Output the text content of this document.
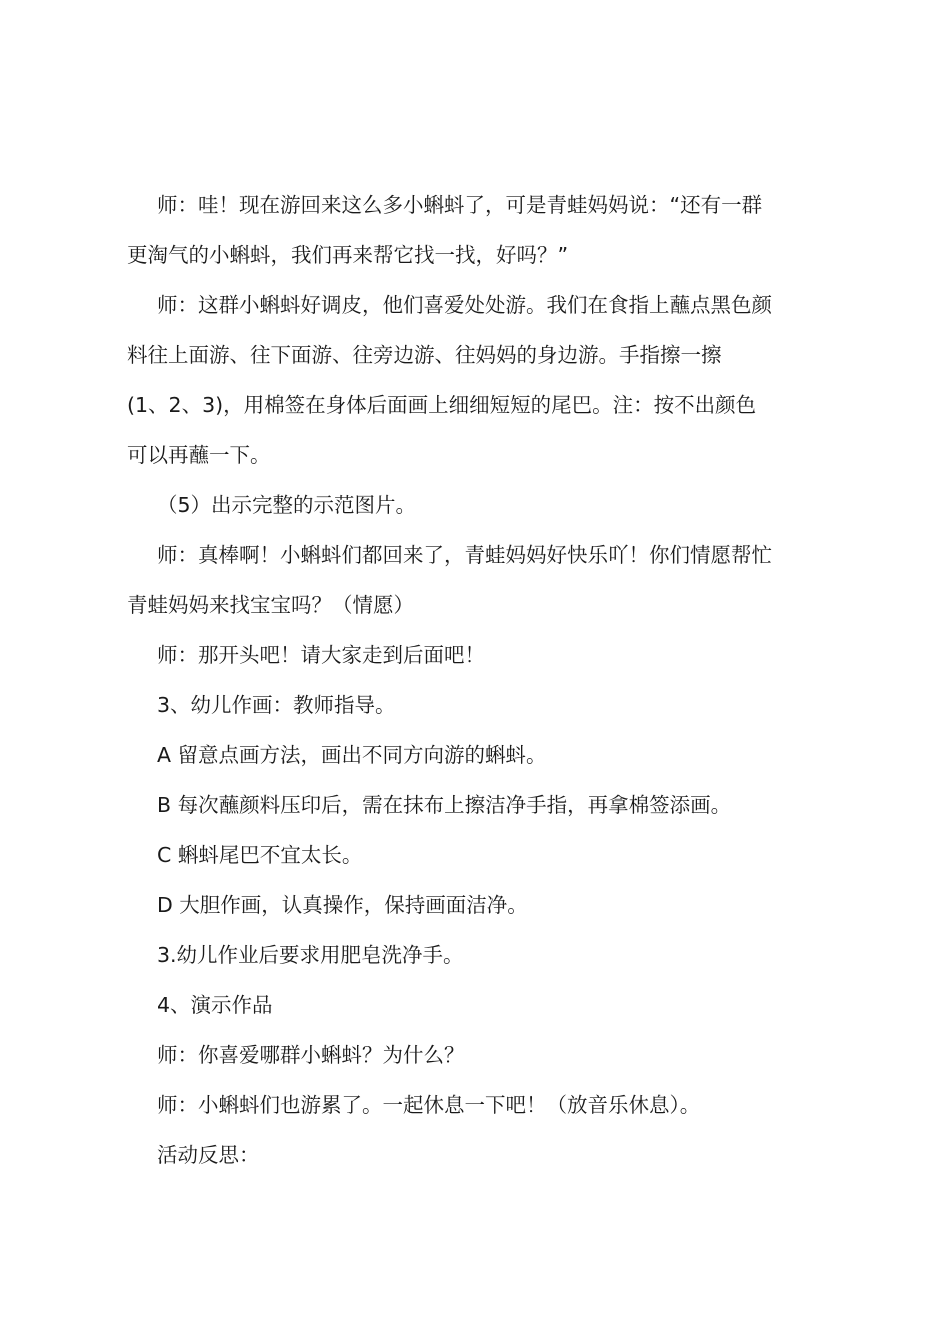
师：哇！现在游回来这么多小蝌蚪了，可是青蛙妈妈说：“还有一群
更淘气的小蝌蚪，我们再来帮它找一找，好吗？”
师：这群小蝌蚪好调皮，他们喜爱处处游。我们在食指上蘸点黑色颜
料往上面游、往下面游、往旁边游、往妈妈的身边游。手指擦一擦
(1、2、3)，用棉签在身体后面画上细细短短的尾巴。注：按不出颜色
可以再蘸一下。
（5）出示完整的示范图片。
师：真棒啊！小蝌蚪们都回来了，青蛙妈妈好快乐吖！你们情愿帮忙
青蛙妈妈来找宝宝吗？（情愿）
师：那开头吧！请大家走到后面吧！
3、幼儿作画：教师指导。
A 留意点画方法，画出不同方向游的蝌蚪。
B 每次蘸颜料压印后，需在抹布上擦洁净手指，再拿棉签添画。
C 蝌蚪尾巴不宜太长。
D 大胆作画，认真操作，保持画面洁净。
3.幼儿作业后要求用肥皂洗净手。
4、演示作品
师：你喜爱哪群小蝌蚪？为什么？
师：小蝌蚪们也游累了。一起休息一下吧！（放音乐休息）。
活动反思：
